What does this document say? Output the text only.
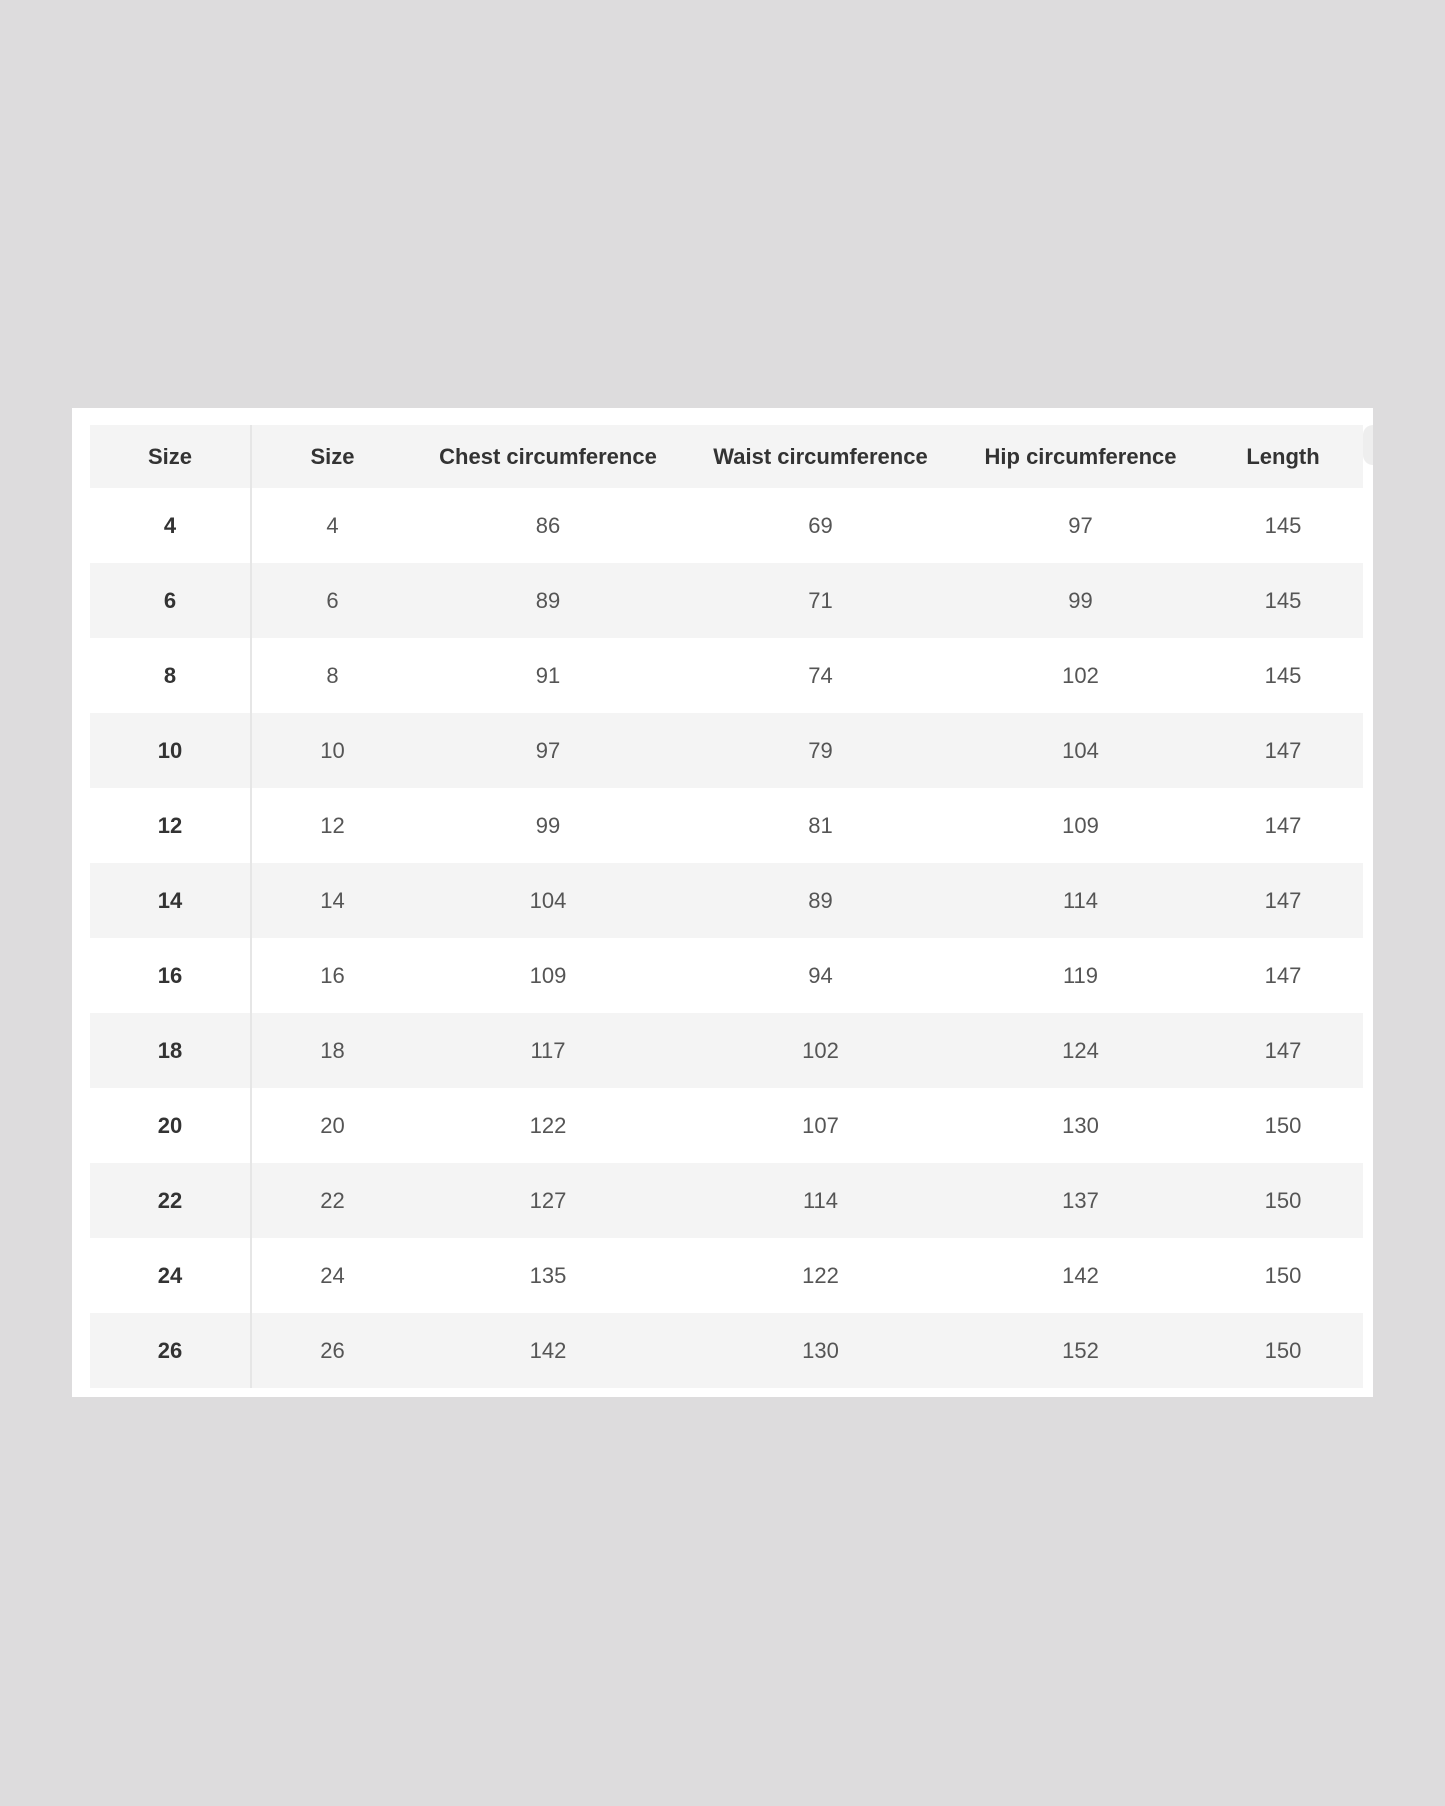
Size	Size	Chest circumference	Waist circumference	Hip circumference	Length
4	4	86	69	97	145
6	6	89	71	99	145
8	8	91	74	102	145
10	10	97	79	104	147
12	12	99	81	109	147
14	14	104	89	114	147
16	16	109	94	119	147
18	18	117	102	124	147
20	20	122	107	130	150
22	22	127	114	137	150
24	24	135	122	142	150
26	26	142	130	152	150
